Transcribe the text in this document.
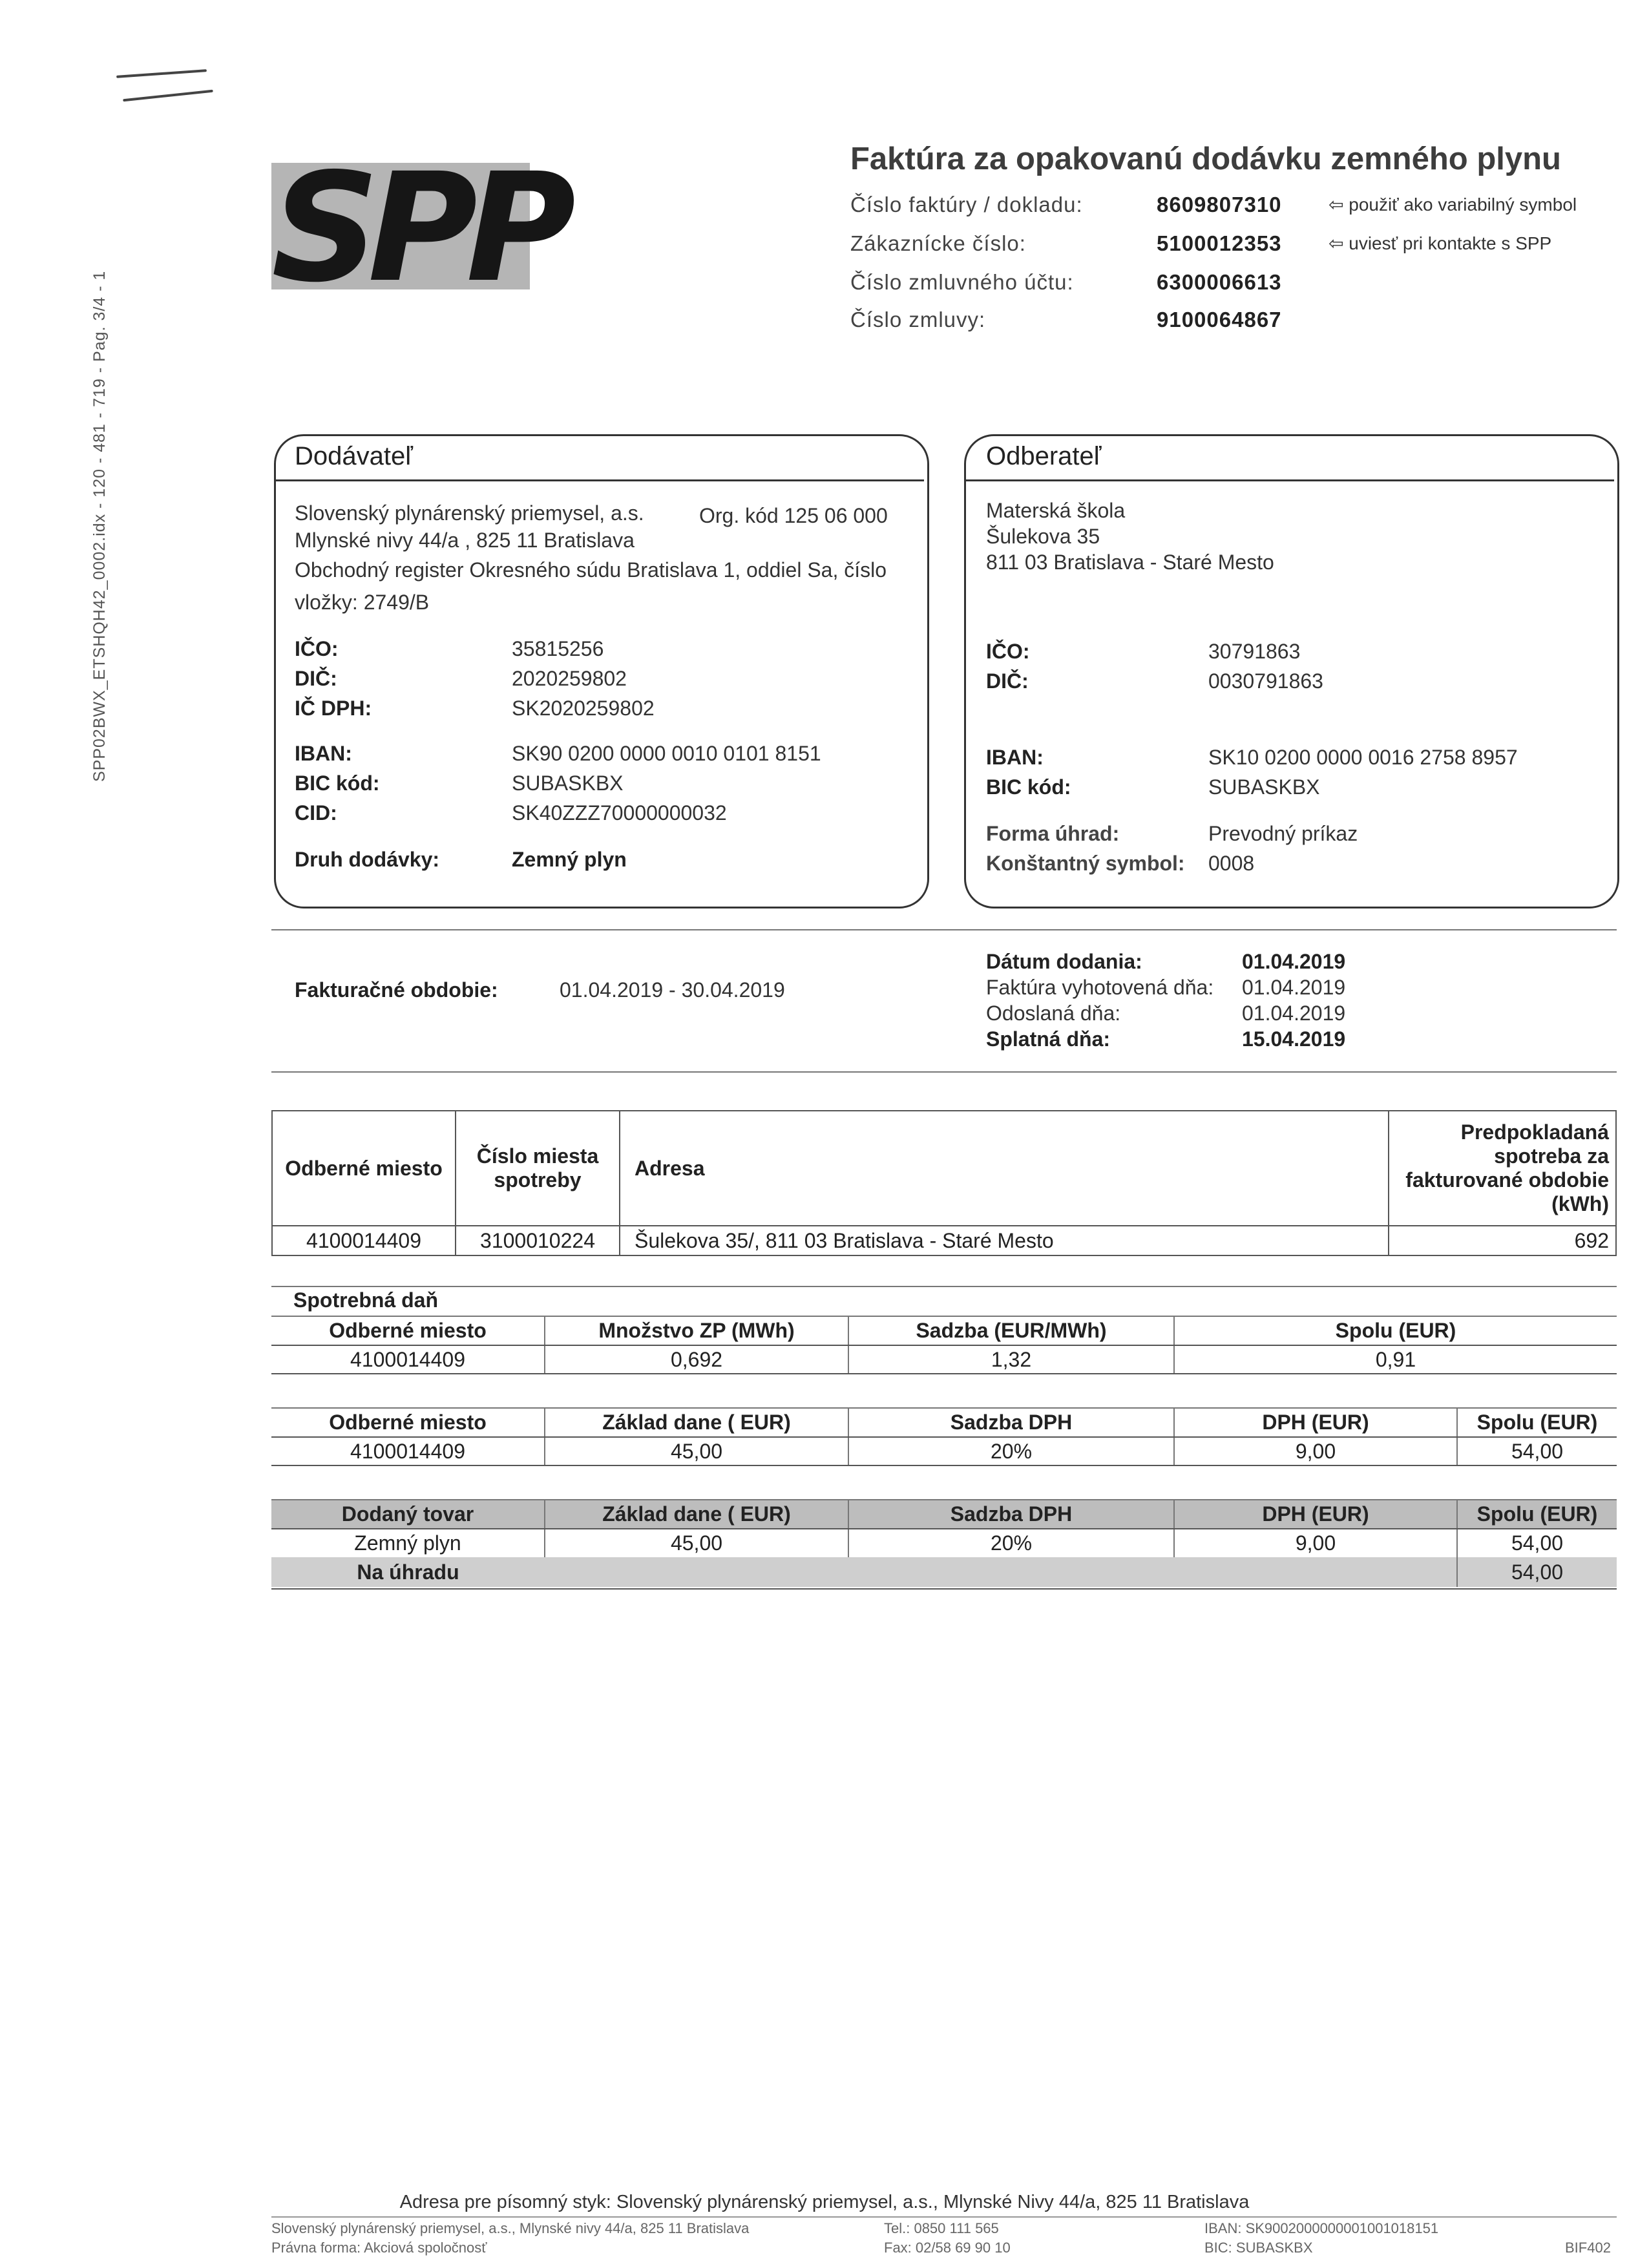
SPP02BWX_ETSHQH42_0002.idx - 120 - 481 - 719 - Pag. 3/4 - 1
SPP	Faktúra za opakovanú dodávku zemného plynu
Číslo faktúry / dokladu:	8609807310	⇦ použiť ako variabilný symbol
Zákaznícke číslo:	5100012353	⇦ uviesť pri kontakte s SPP
Číslo zmluvného účtu:	6300006613
Číslo zmluvy:	9100064867
Dodávateľ
Slovenský plynárenský priemysel, a.s.	Org. kód 125 06 000
Mlynské nivy 44/a , 825 11 Bratislava
Obchodný register Okresného súdu Bratislava 1, oddiel Sa, číslo
vložky: 2749/B
IČO:	35815256
DIČ:	2020259802
IČ DPH:	SK2020259802
IBAN:	SK90 0200 0000 0010 0101 8151
BIC kód:	SUBASKBX
CID:	SK40ZZZ70000000032
Druh dodávky:	Zemný plyn
Odberateľ
Materská škola
Šulekova 35
811 03 Bratislava - Staré Mesto
IČO:	30791863
DIČ:	0030791863
IBAN:	SK10 0200 0000 0016 2758 8957
BIC kód:	SUBASKBX
Forma úhrad:	Prevodný príkaz
Konštantný symbol: 0008
Fakturačné obdobie:	01.04.2019 - 30.04.2019
Dátum dodania:	01.04.2019
Faktúra vyhotovená dňa: 01.04.2019
Odoslaná dňa:	01.04.2019
Splatná dňa:	15.04.2019
Odberné miesto	Číslo miesta spotreby	Adresa	Predpokladaná spotreba za fakturované obdobie (kWh)
4100014409	3100010224	Šulekova 35/, 811 03 Bratislava - Staré Mesto	692
Spotrebná daň
Odberné miesto	Množstvo ZP (MWh)	Sadzba (EUR/MWh)	Spolu (EUR)
4100014409	0,692	1,32	0,91
Odberné miesto	Základ dane ( EUR)	Sadzba DPH	DPH (EUR)	Spolu (EUR)
4100014409	45,00	20%	9,00	54,00
Dodaný tovar	Základ dane ( EUR)	Sadzba DPH	DPH (EUR)	Spolu (EUR)
Zemný plyn	45,00	20%	9,00	54,00
Na úhradu				54,00
Adresa pre písomný styk: Slovenský plynárenský priemysel, a.s., Mlynské Nivy 44/a, 825 11 Bratislava
Slovenský plynárenský priemysel, a.s., Mlynské nivy 44/a, 825 11 Bratislava
Právna forma: Akciová spoločnosť
Tel.: 0850 111 565
Fax: 02/58 69 90 10
IBAN: SK9002000000001001018151
BIC: SUBASKBX	BIF402
